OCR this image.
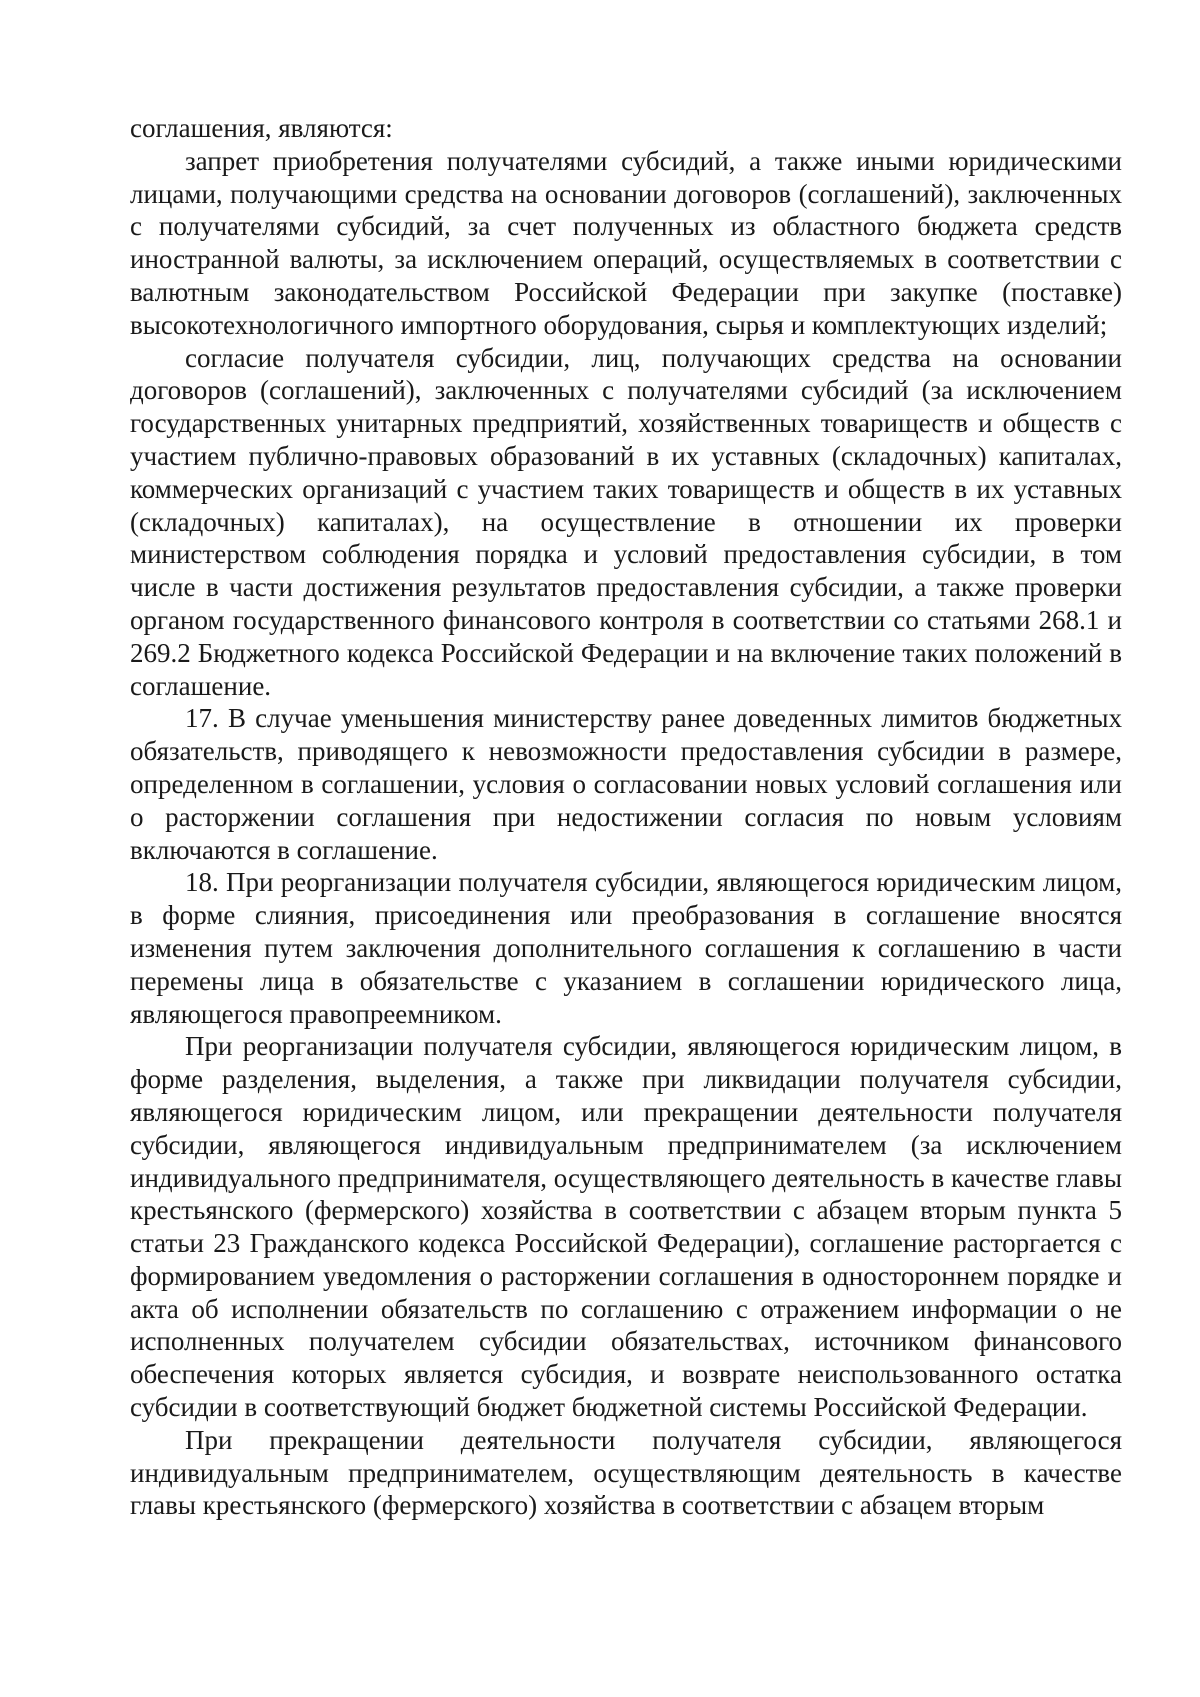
соглашения, являются:

запрет приобретения получателями субсидий, а также иными юридическими лицами, получающими средства на основании договоров (соглашений), заключенных с получателями субсидий, за счет полученных из областного бюджета средств иностранной валюты, за исключением операций, осуществляемых в соответствии с валютным законодательством Российской Федерации при закупке (поставке) высокотехнологичного импортного оборудования, сырья и комплектующих изделий;

согласие получателя субсидии, лиц, получающих средства на основании договоров (соглашений), заключенных с получателями субсидий (за исключением государственных унитарных предприятий, хозяйственных товариществ и обществ с участием публично-правовых образований в их уставных (складочных) капиталах, коммерческих организаций с участием таких товариществ и обществ в их уставных (складочных) капиталах), на осуществление в отношении их проверки министерством соблюдения порядка и условий предоставления субсидии, в том числе в части достижения результатов предоставления субсидии, а также проверки органом государственного финансового контроля в соответствии со статьями 268.1 и 269.2 Бюджетного кодекса Российской Федерации и на включение таких положений в соглашение.

17. В случае уменьшения министерству ранее доведенных лимитов бюджетных обязательств, приводящего к невозможности предоставления субсидии в размере, определенном в соглашении, условия о согласовании новых условий соглашения или о расторжении соглашения при недостижении согласия по новым условиям включаются в соглашение.

18. При реорганизации получателя субсидии, являющегося юридическим лицом, в форме слияния, присоединения или преобразования в соглашение вносятся изменения путем заключения дополнительного соглашения к соглашению в части перемены лица в обязательстве с указанием в соглашении юридического лица, являющегося правопреемником.

При реорганизации получателя субсидии, являющегося юридическим лицом, в форме разделения, выделения, а также при ликвидации получателя субсидии, являющегося юридическим лицом, или прекращении деятельности получателя субсидии, являющегося индивидуальным предпринимателем (за исключением индивидуального предпринимателя, осуществляющего деятельность в качестве главы крестьянского (фермерского) хозяйства в соответствии с абзацем вторым пункта 5 статьи 23 Гражданского кодекса Российской Федерации), соглашение расторгается с формированием уведомления о расторжении соглашения в одностороннем порядке и акта об исполнении обязательств по соглашению с отражением информации о не исполненных получателем субсидии обязательствах, источником финансового обеспечения которых является субсидия, и возврате неиспользованного остатка субсидии в соответствующий бюджет бюджетной системы Российской Федерации.

При прекращении деятельности получателя субсидии, являющегося индивидуальным предпринимателем, осуществляющим деятельность в качестве главы крестьянского (фермерского) хозяйства в соответствии с абзацем вторым
